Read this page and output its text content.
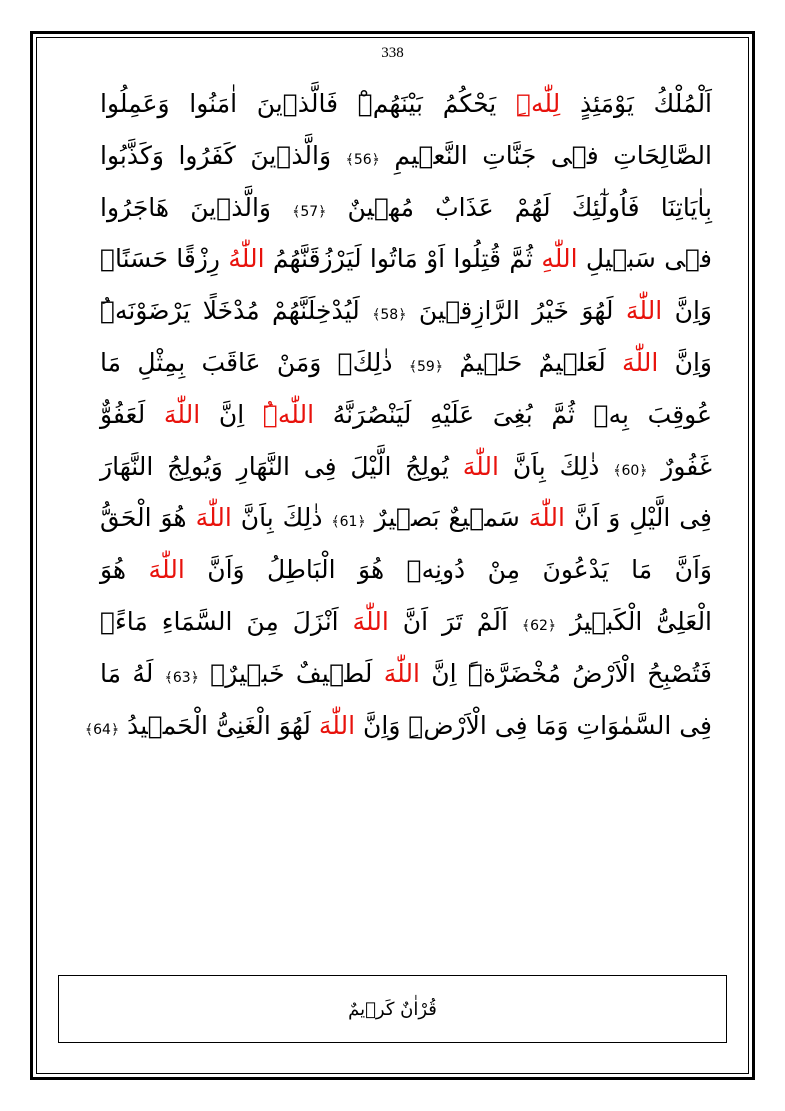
338
اَلْمُلْكُ يَوْمَئِذٍ لِلّٰهِۜ يَحْكُمُ بَيْنَهُمْۜ فَالَّذٖينَ اٰمَنُوا وَعَمِلُوا
الصَّالِحَاتِ فٖى جَنَّاتِ النَّعٖيمِ ﴿56﴾ وَالَّذٖينَ كَفَرُوا وَكَذَّبُوا
بِاٰيَاتِنَا فَاُولٰٓئِكَ لَهُمْ عَذَابٌ مُهٖينٌ ﴿57﴾ وَالَّذٖينَ هَاجَرُوا
فٖى سَبٖيلِ اللّٰهِ ثُمَّ قُتِلُوا اَوْ مَاتُوا لَيَرْزُقَنَّهُمُ اللّٰهُ رِزْقًا حَسَنًاۜ
وَاِنَّ اللّٰهَ لَهُوَ خَيْرُ الرَّازِقٖينَ ﴿58﴾ لَيُدْخِلَنَّهُمْ مُدْخَلًا يَرْضَوْنَهُۜ
وَاِنَّ اللّٰهَ لَعَلٖيمٌ حَلٖيمٌ ﴿59﴾ ذٰلِكَۚ وَمَنْ عَاقَبَ بِمِثْلِ مَا
عُوقِبَ بِهٖ ثُمَّ بُغِىَ عَلَيْهِ لَيَنْصُرَنَّهُ اللّٰهُۜ اِنَّ اللّٰهَ لَعَفُوٌّ
غَفُورٌ ﴿60﴾ ذٰلِكَ بِاَنَّ اللّٰهَ يُولِجُ الَّيْلَ فِى النَّهَارِ وَيُولِجُ النَّهَارَ
فِى الَّيْلِ وَ اَنَّ اللّٰهَ سَمٖيعٌ بَصٖيرٌ ﴿61﴾ ذٰلِكَ بِاَنَّ اللّٰهَ هُوَ الْحَقُّ
وَاَنَّ مَا يَدْعُونَ مِنْ دُونِهٖ هُوَ الْبَاطِلُ وَاَنَّ اللّٰهَ هُوَ
الْعَلِىُّ الْكَبٖيرُ ﴿62﴾ اَلَمْ تَرَ اَنَّ اللّٰهَ اَنْزَلَ مِنَ السَّمَاءِ مَاءًۘ
فَتُصْبِحُ الْاَرْضُ مُخْضَرَّةًۜ اِنَّ اللّٰهَ لَطٖيفٌ خَبٖيرٌۚ ﴿63﴾ لَهُ مَا
فِى السَّمٰوَاتِ وَمَا فِى الْاَرْضِۜ وَاِنَّ اللّٰهَ لَهُوَ الْغَنِىُّ الْحَمٖيدُ ﴿64﴾
قُرْاٰنٌ كَرٖيمٌ
